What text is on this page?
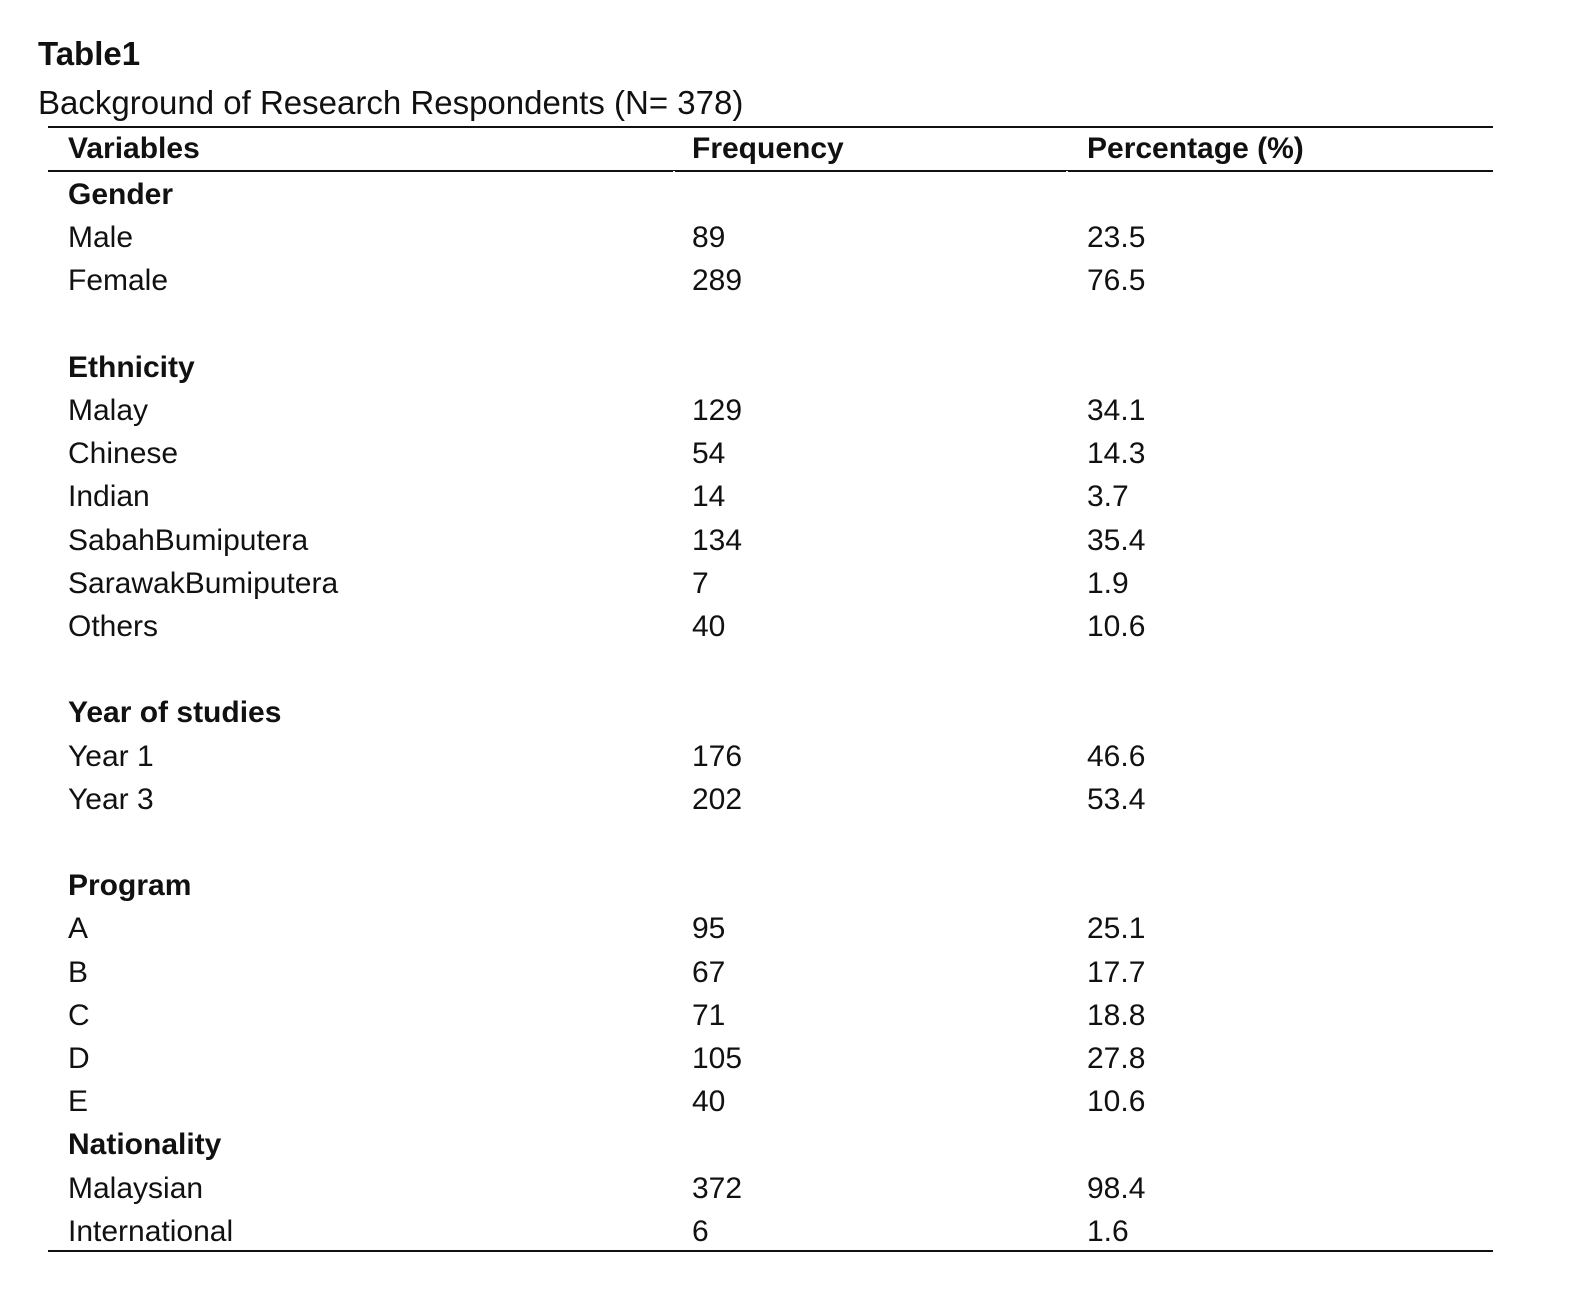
Table1

Background of Research Respondents (N= 378)

Variables	Frequency	Percentage (%)
Gender
Male	89	23.5
Female	289	76.5
Ethnicity
Malay	129	34.1
Chinese	54	14.3
Indian	14	3.7
SabahBumiputera	134	35.4
SarawakBumiputera	7	1.9
Others	40	10.6
Year of studies
Year 1	176	46.6
Year 3	202	53.4
Program
A	95	25.1
B	67	17.7
C	71	18.8
D	105	27.8
E	40	10.6
Nationality
Malaysian	372	98.4
International	6	1.6
